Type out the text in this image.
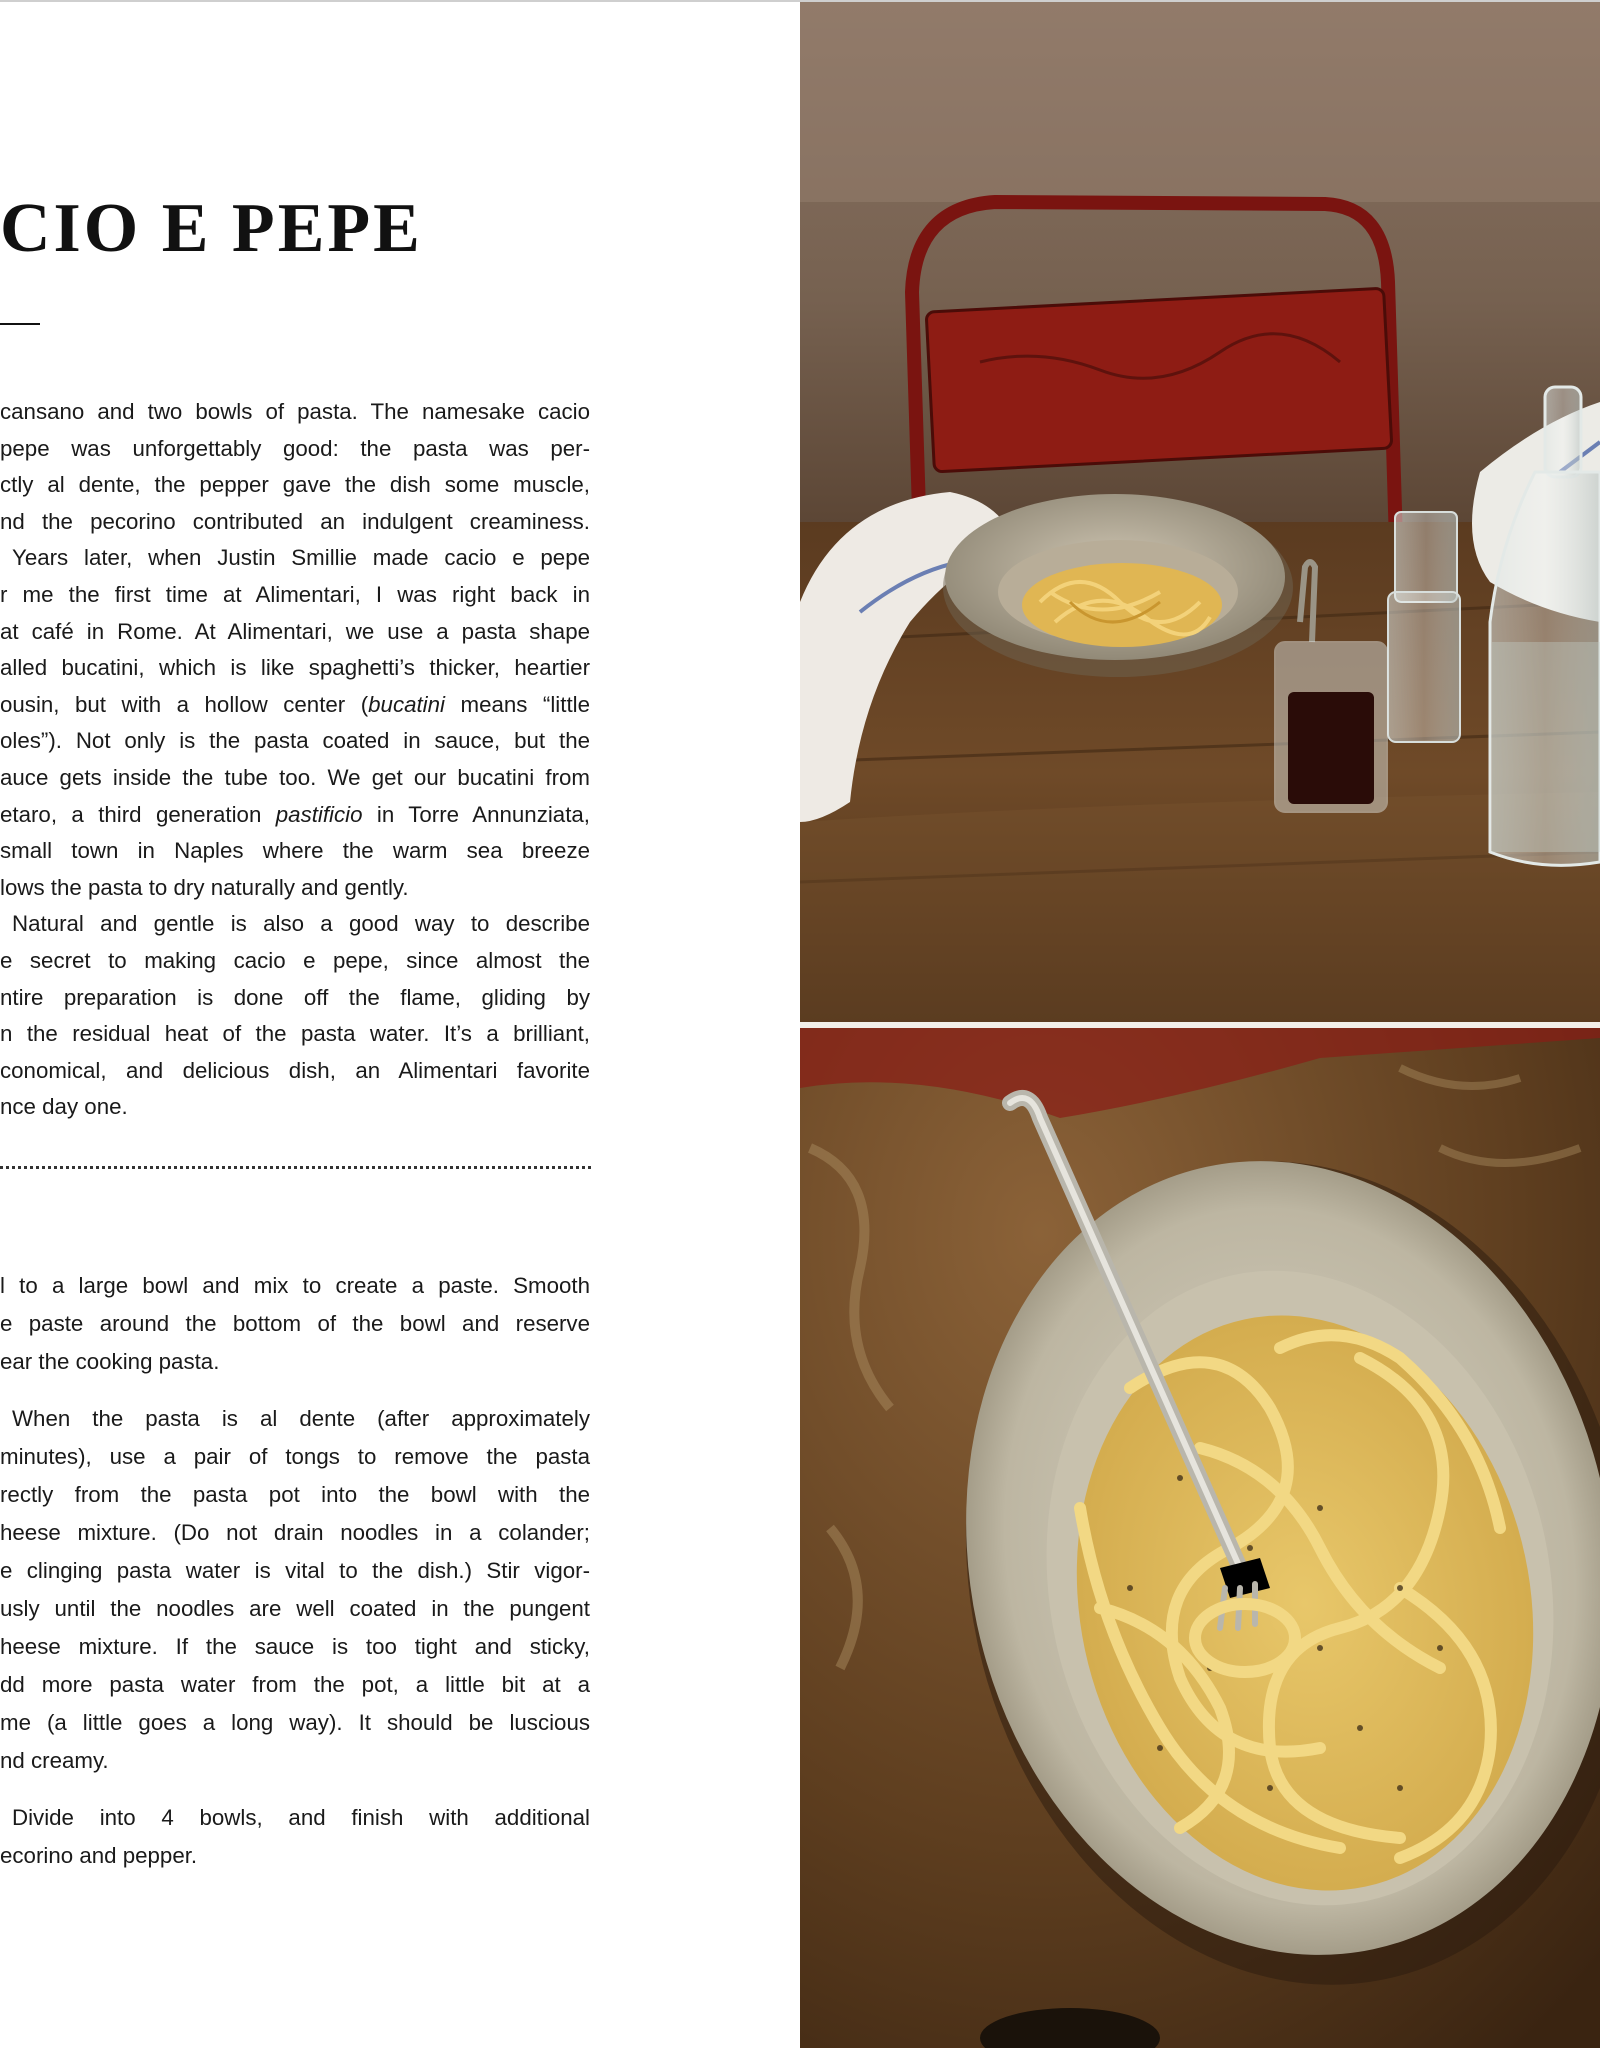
CIO E PEPE
cansano and two bowls of pasta. The namesake cacio
pepe was unforgettably good: the pasta was per-
ctly al dente, the pepper gave the dish some muscle,
nd the pecorino contributed an indulgent creaminess.
Years later, when Justin Smillie made cacio e pepe
r me the first time at Alimentari, I was right back in
at café in Rome. At Alimentari, we use a pasta shape
alled bucatini, which is like spaghetti’s thicker, heartier
ousin, but with a hollow center (bucatini means “little
oles”). Not only is the pasta coated in sauce, but the
auce gets inside the tube too. We get our bucatini from
etaro, a third generation pastificio in Torre Annunziata,
small town in Naples where the warm sea breeze
lows the pasta to dry naturally and gently.
Natural and gentle is also a good way to describe
e secret to making cacio e pepe, since almost the
ntire preparation is done off the flame, gliding by
n the residual heat of the pasta water. It’s a brilliant,
conomical, and delicious dish, an Alimentari favorite
nce day one.
l to a large bowl and mix to create a paste. Smooth
e paste around the bottom of the bowl and reserve
ear the cooking pasta.
When the pasta is al dente (after approximately
minutes), use a pair of tongs to remove the pasta
rectly from the pasta pot into the bowl with the
heese mixture. (Do not drain noodles in a colander;
e clinging pasta water is vital to the dish.) Stir vigor-
usly until the noodles are well coated in the pungent
heese mixture. If the sauce is too tight and sticky,
dd more pasta water from the pot, a little bit at a
me (a little goes a long way). It should be luscious
nd creamy.
Divide into 4 bowls, and finish with additional
ecorino and pepper.
